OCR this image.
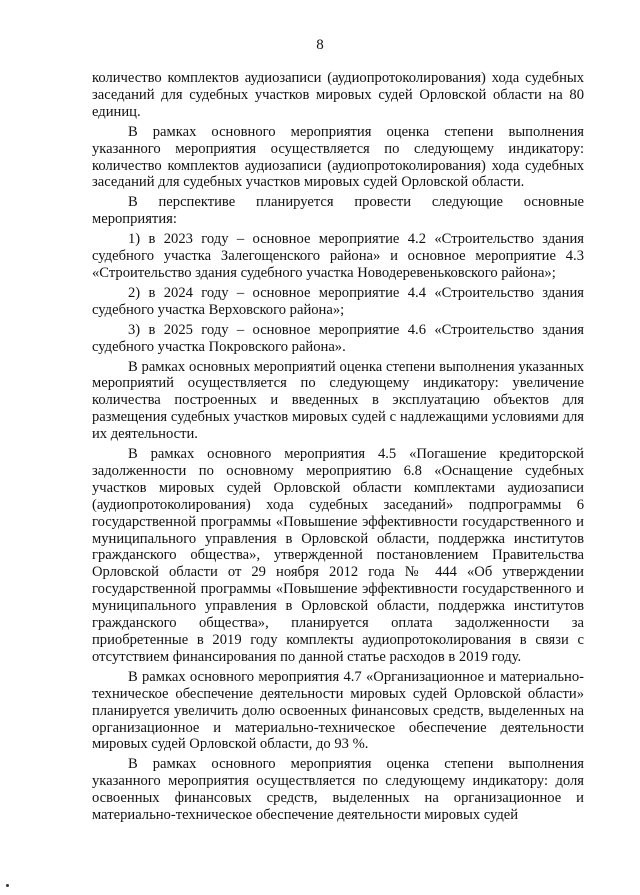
8

количество комплектов аудиозаписи (аудиопротоколирования) хода судебных заседаний для судебных участков мировых судей Орловской области на 80 единиц.

В рамках основного мероприятия оценка степени выполнения указанного мероприятия осуществляется по следующему индикатору: количество комплектов аудиозаписи (аудиопротоколирования) хода судебных заседаний для судебных участков мировых судей Орловской области.

В перспективе планируется провести следующие основные мероприятия:

1) в 2023 году – основное мероприятие 4.2 «Строительство здания судебного участка Залегощенского района» и основное мероприятие 4.3 «Строительство здания судебного участка Новодеревеньковского района»;

2) в 2024 году – основное мероприятие 4.4 «Строительство здания судебного участка Верховского района»;

3) в 2025 году – основное мероприятие 4.6 «Строительство здания судебного участка Покровского района».

В рамках основных мероприятий оценка степени выполнения указанных мероприятий осуществляется по следующему индикатору: увеличение количества построенных и введенных в эксплуатацию объектов для размещения судебных участков мировых судей с надлежащими условиями для их деятельности.

В рамках основного мероприятия 4.5 «Погашение кредиторской задолженности по основному мероприятию 6.8 «Оснащение судебных участков мировых судей Орловской области комплектами аудиозаписи (аудиопротоколирования) хода судебных заседаний» подпрограммы 6 государственной программы «Повышение эффективности государственного и муниципального управления в Орловской области, поддержка институтов гражданского общества», утвержденной постановлением Правительства Орловской области от 29 ноября 2012 года № 444 «Об утверждении государственной программы «Повышение эффективности государственного и муниципального управления в Орловской области, поддержка институтов гражданского общества», планируется оплата задолженности за приобретенные в 2019 году комплекты аудиопротоколирования в связи с отсутствием финансирования по данной статье расходов в 2019 году.

В рамках основного мероприятия 4.7 «Организационное и материально-техническое обеспечение деятельности мировых судей Орловской области» планируется увеличить долю освоенных финансовых средств, выделенных на организационное и материально-техническое обеспечение деятельности мировых судей Орловской области, до 93 %.

В рамках основного мероприятия оценка степени выполнения указанного мероприятия осуществляется по следующему индикатору: доля освоенных финансовых средств, выделенных на организационное и материально-техническое обеспечение деятельности мировых судей
